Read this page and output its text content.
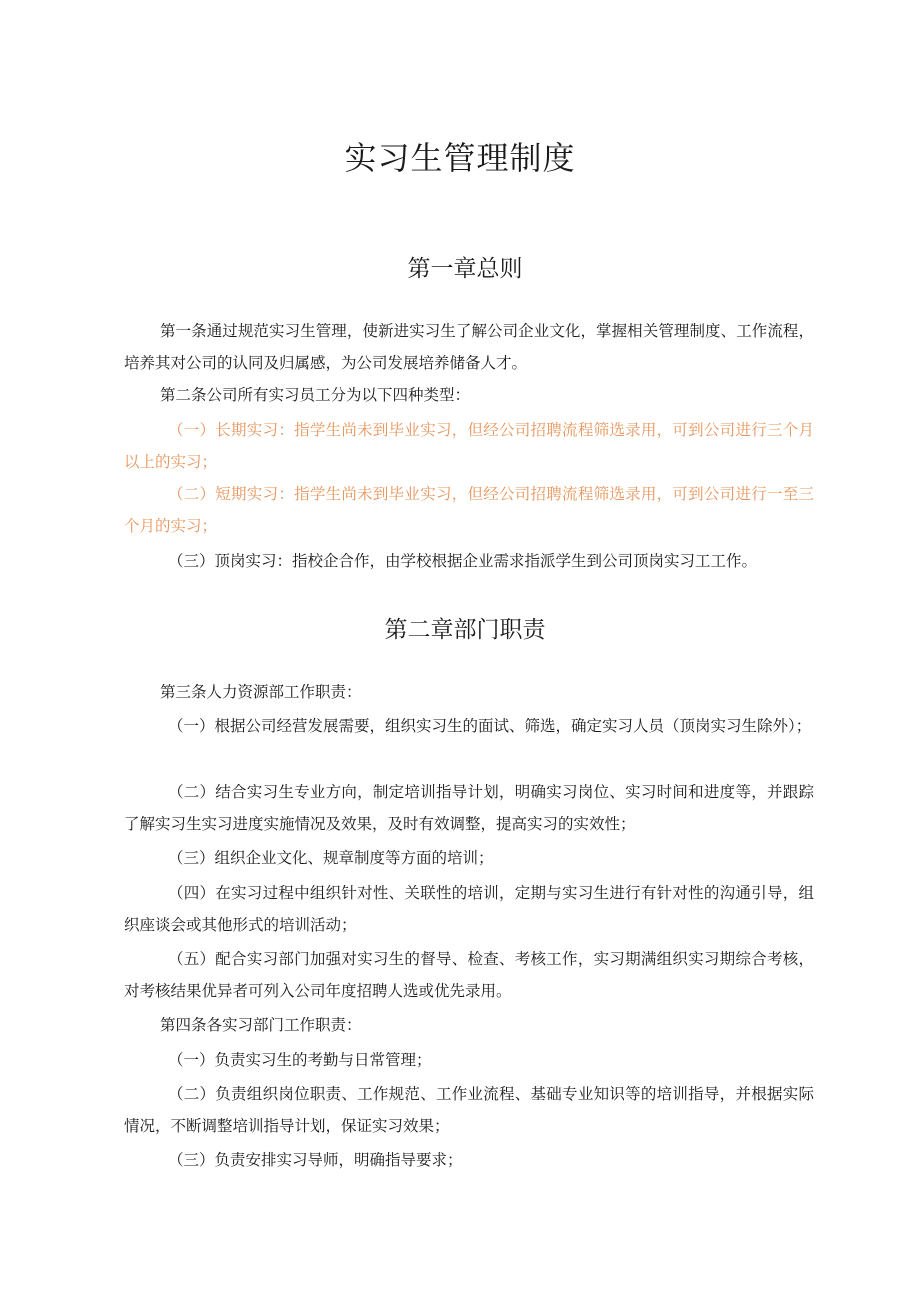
实习生管理制度
第一章总则

第一条通过规范实习生管理，使新进实习生了解公司企业文化，掌握相关管理制度、工作流程，培养其对公司的认同及归属感，为公司发展培养储备人才。

第二条公司所有实习员工分为以下四种类型：

（一）长期实习：指学生尚未到毕业实习，但经公司招聘流程筛选录用，可到公司进行三个月以上的实习；

（二）短期实习：指学生尚未到毕业实习，但经公司招聘流程筛选录用，可到公司进行一至三个月的实习；

（三）顶岗实习：指校企合作，由学校根据企业需求指派学生到公司顶岗实习工工作。

第二章部门职责

第三条人力资源部工作职责：

（一）根据公司经营发展需要，组织实习生的面试、筛选，确定实习人员（顶岗实习生除外）；

（二）结合实习生专业方向，制定培训指导计划，明确实习岗位、实习时间和进度等，并跟踪了解实习生实习进度实施情况及效果，及时有效调整，提高实习的实效性；

（三）组织企业文化、规章制度等方面的培训；

（四）在实习过程中组织针对性、关联性的培训，定期与实习生进行有针对性的沟通引导，组织座谈会或其他形式的培训活动；

（五）配合实习部门加强对实习生的督导、检查、考核工作，实习期满组织实习期综合考核，对考核结果优异者可列入公司年度招聘人选或优先录用。

第四条各实习部门工作职责：

（一）负责实习生的考勤与日常管理；

（二）负责组织岗位职责、工作规范、工作业流程、基础专业知识等的培训指导，并根据实际情况，不断调整培训指导计划，保证实习效果；

（三）负责安排实习导师，明确指导要求；
